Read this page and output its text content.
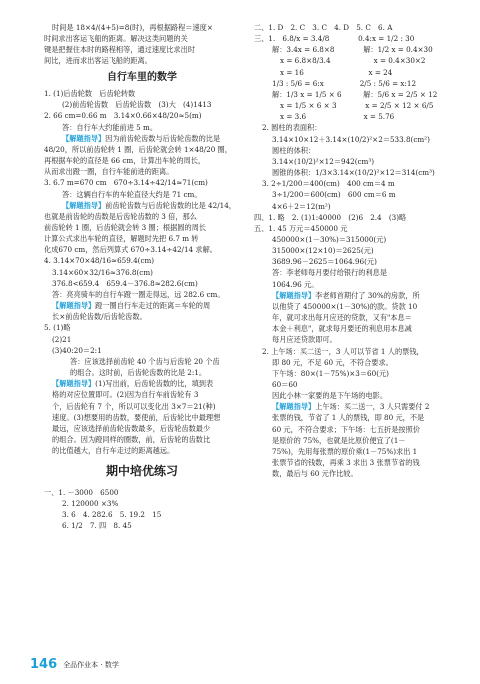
时间是 18×4/(4+5)=8(时)，再根据路程＝速度×
时间求出客运飞船的距离。解决这类问题的关
键是把握住本时的路程相等，通过速度比求出时
间比，进而求出客运飞船的距离。
自行车里的数学
1. (1)后齿轮数　后齿轮转数
(2)前齿轮齿数　后齿轮齿数　(3)大　(4)1413
2. 66 cm=0.66 m　3.14×0.66×48/20≈5(m)
答：自行车大约能前进 5 m。
【解题指导】因为前齿轮齿数与后齿轮齿数的比是
48/20，所以前齿轮转 1 圈，后齿轮就会转 1×48/20 圈，
再根据车轮的直径是 66 cm，计算出车轮的周长，
从而求出蹬一圈，自行车能前进的距离。
3. 6.7 m=670 cm　670÷3.14÷42/14≈71(cm)
答：这辆自行车的车轮直径大约是 71 cm。
【解题指导】前齿轮齿数与后齿轮齿数的比是 42/14，
也就是前齿轮的齿数是后齿轮齿数的 3 倍，那么
前齿轮转 1 圈，后齿轮就会转 3 圈；根据圆的周长
计算公式求出车轮的直径，解题时先把 6.7 m 转
化成670 cm，然后列算式 670÷3.14÷42/14 求解。
4. 3.14×70×48/16≈659.4(cm)
3.14×60×32/16≈376.8(cm)
376.8<659.4　659.4－376.8≈282.6(cm)
答：亮亮骑车的自行车蹬一圈走得远，远 282.6 cm。
【解题指导】蹬一圈自行车走过的距离＝车轮的周
长×前齿轮齿数/后齿轮齿数。
5. (1)略
(2)21
(3)40:20＝2:1
答：应该选择前齿轮 40 个齿与后齿轮 20 个齿
的组合。这时前，后齿轮齿数的比是 2:1。
【解题指导】(1)写出前，后齿轮齿数的比，填到表
格的对应位置即可。(2)因为自行车前齿轮有 3
个，后齿轮有 7 个，所以可以变化出 3×7＝21(种)
速度。(3)想要用的齿数，要使前，后齿轮比中最理想
最远，应该选择前齿轮齿数最多，后齿轮齿数最少
的组合。因为蹬同样的圈数，前，后齿轮的齿数比
的比值越大，自行车走过的距离越远。
期中培优练习
一、1. －3000　6500
2. 120000 ×3%
3. 6　4. 282.6　5. 19.2　15
6. 1/2　7. 四　8. 45
二、1. D　2. C　3. C　4. D　5. C　6. A
三、1.　6.8/x = 3.4/8　　　　0.4:x = 1/2 : 30
解：3.4x = 6.8×8　　　　解：1/2 x = 0.4×30
x = 6.8×8/3.4　　　　　　x = 0.4×30×2
x = 16　　　　　　　　　x = 24
1/3 : 5/6 = 6:x　　　　　2/5 : 5/6 = x:12
解：1/3 x = 1/5 × 6　　　解：5/6 x = 2/5 × 12
x = 1/5 × 6 × 3　　　　x = 2/5 × 12 × 6/5
x = 3.6　　　　　　　　x = 5.76
2. 圆柱的表面积：
3.14×10×12＋3.14×(10/2)²×2＝533.8(cm²)
圆柱的体积：
3.14×(10/2)²×12＝942(cm³)
圆锥的体积：1/3×3.14×(10/2)²×12＝314(cm³)
3. 2÷1/200＝400(cm)　400 cm＝4 m
3÷1/200＝600(cm)　600 cm＝6 m
4×6＋2＝12(m²)
四、1. 略　2. (1)1:40000　(2)6　2.4　(3)略
五、1. 45 万元＝450000 元
450000×(1－30%)＝315000(元)
315000×(12×10)＝2625(元)
3689.96－2625＝1064.96(元)
答：李老师每月要付给银行的利息是
1064.96 元。
【解题指导】李老师首期付了 30%的房款，所
以他贷了 450000×(1－30%)的款。贷款 10
年，就可求出每月应还的贷款，又有"本息＝
本金＋利息"，就求每月要还的利息用本息减
每月应还贷款即可。
2. 上午场：买二送一，3 人可以节省 1 人的票钱，
即 80 元，不足 60 元，不符合要求。
下午场：80×(1－75%)×3＝60(元)
60＝60
因此小林一家要的是下午场的电影。
【解题指导】上午场：买二送一，3 人只需要付 2
张票的钱，节省了 1 人的票钱，即 80 元，不是
60 元，不符合要求；下午场：七五折是按照价
是原价的 75%，也就是比原价便宜了(1－
75%)，先用每张票的原价乘(1－75%)求出 1
张票节省的钱数，再乘 3 求出 3 张票节省的钱
数，最后与 60 元作比较。
146 全品作业本 · 数学
